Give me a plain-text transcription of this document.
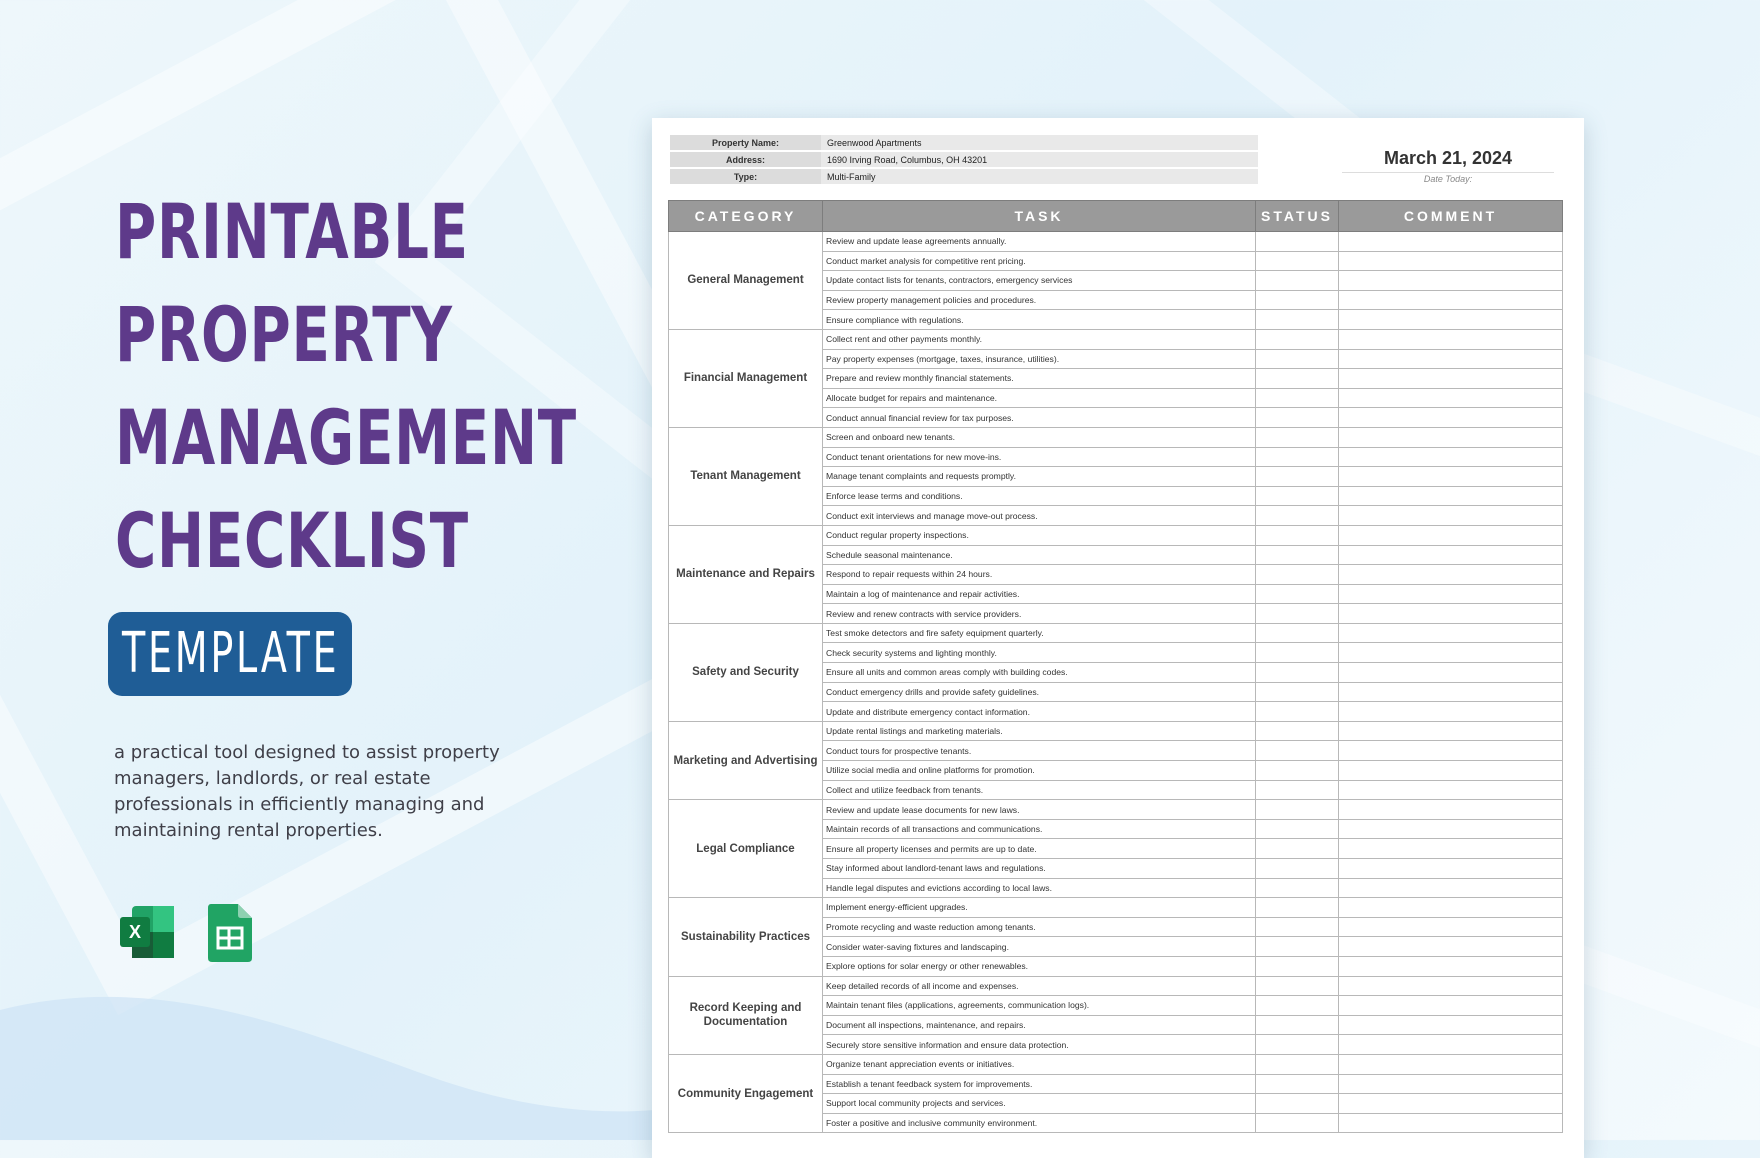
PRINTABLE
PROPERTY
MANAGEMENT
CHECKLIST
TEMPLATE

a practical tool designed to assist property managers, landlords, or real estate professionals in efficiently managing and maintaining rental properties.

X
Property Name:	Greenwood Apartments
Address:	1690 Irving Road, Columbus, OH 43201
Type:	Multi-Family
March 21, 2024
Date Today:
CATEGORY	TASK	STATUS	COMMENT
General Management	Review and update lease agreements annually.		
	Conduct market analysis for competitive rent pricing.		
	Update contact lists for tenants, contractors, emergency services		
	Review property management policies and procedures.		
	Ensure compliance with regulations.		
Financial Management	Collect rent and other payments monthly.		
	Pay property expenses (mortgage, taxes, insurance, utilities).		
	Prepare and review monthly financial statements.		
	Allocate budget for repairs and maintenance.		
	Conduct annual financial review for tax purposes.		
Tenant Management	Screen and onboard new tenants.		
	Conduct tenant orientations for new move-ins.		
	Manage tenant complaints and requests promptly.		
	Enforce lease terms and conditions.		
	Conduct exit interviews and manage move-out process.		
Maintenance and Repairs	Conduct regular property inspections.		
	Schedule seasonal maintenance.		
	Respond to repair requests within 24 hours.		
	Maintain a log of maintenance and repair activities.		
	Review and renew contracts with service providers.		
Safety and Security	Test smoke detectors and fire safety equipment quarterly.		
	Check security systems and lighting monthly.		
	Ensure all units and common areas comply with building codes.		
	Conduct emergency drills and provide safety guidelines.		
	Update and distribute emergency contact information.		
Marketing and Advertising	Update rental listings and marketing materials.		
	Conduct tours for prospective tenants.		
	Utilize social media and online platforms for promotion.		
	Collect and utilize feedback from tenants.		
Legal Compliance	Review and update lease documents for new laws.		
	Maintain records of all transactions and communications.		
	Ensure all property licenses and permits are up to date.		
	Stay informed about landlord-tenant laws and regulations.		
	Handle legal disputes and evictions according to local laws.		
Sustainability Practices	Implement energy-efficient upgrades.		
	Promote recycling and waste reduction among tenants.		
	Consider water-saving fixtures and landscaping.		
	Explore options for solar energy or other renewables.		
Record Keeping and Documentation	Keep detailed records of all income and expenses.		
	Maintain tenant files (applications, agreements, communication logs).		
	Document all inspections, maintenance, and repairs.		
	Securely store sensitive information and ensure data protection.		
Community Engagement	Organize tenant appreciation events or initiatives.		
	Establish a tenant feedback system for improvements.		
	Support local community projects and services.		
	Foster a positive and inclusive community environment.		
